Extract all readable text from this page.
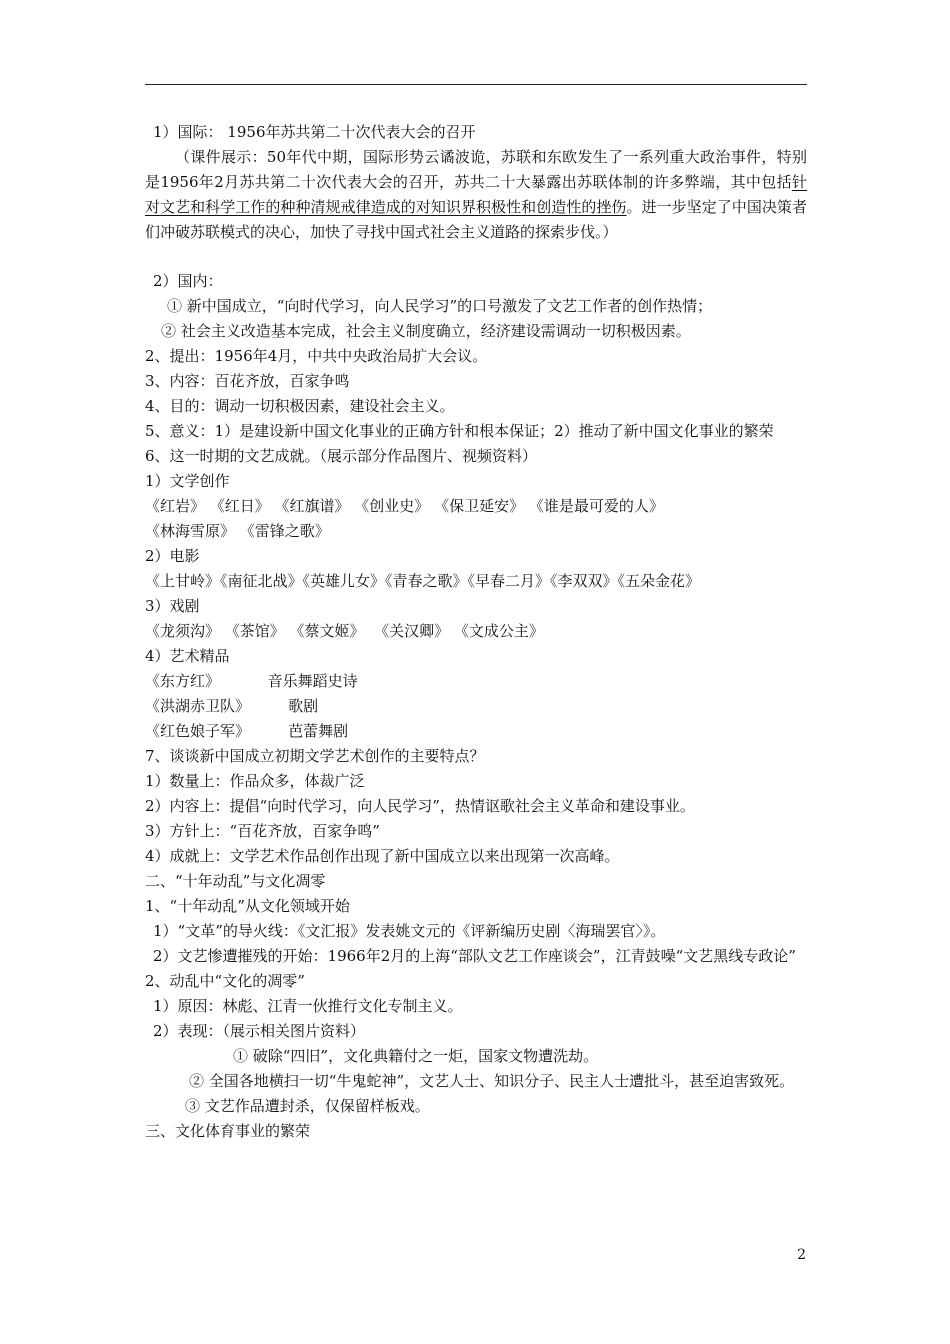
1）国际： 1956年苏共第二十次代表大会的召开
（课件展示：50年代中期，国际形势云谲波诡，苏联和东欧发生了一系列重大政治事件，特别是1956年2月苏共第二十次代表大会的召开，苏共二十大暴露出苏联体制的许多弊端，其中包括针对文艺和科学工作的种种清规戒律造成的对知识界积极性和创造性的挫伤。进一步坚定了中国决策者们冲破苏联模式的决心，加快了寻找中国式社会主义道路的探索步伐。）
2）国内：
① 新中国成立，“向时代学习，向人民学习”的口号激发了文艺工作者的创作热情；
② 社会主义改造基本完成，社会主义制度确立，经济建设需调动一切积极因素。
2、提出：1956年4月，中共中央政治局扩大会议。
3、内容：百花齐放，百家争鸣
4、目的：调动一切积极因素，建设社会主义。
5、意义：1）是建设新中国文化事业的正确方针和根本保证；2）推动了新中国文化事业的繁荣
6、这一时期的文艺成就。（展示部分作品图片、视频资料）
1）文学创作
《红岩》 《红日》 《红旗谱》 《创业史》 《保卫延安》 《谁是最可爱的人》
《林海雪原》 《雷锋之歌》
2）电影
《上甘岭》《南征北战》《英雄儿女》《青春之歌》《早春二月》《李双双》《五朵金花》
3）戏剧
《龙须沟》 《茶馆》 《蔡文姬》  《关汉卿》 《文成公主》
4）艺术精品
《东方红》          音乐舞蹈史诗
《洪湖赤卫队》        歌剧
《红色娘子军》        芭蕾舞剧
7、谈谈新中国成立初期文学艺术创作的主要特点？
1）数量上：作品众多，体裁广泛
2）内容上：提倡“向时代学习，向人民学习”，热情讴歌社会主义革命和建设事业。
3）方针上：“百花齐放，百家争鸣”
4）成就上：文学艺术作品创作出现了新中国成立以来出现第一次高峰。
二、“十年动乱”与文化凋零
1、“十年动乱”从文化领域开始
1）“文革”的导火线：《文汇报》发表姚文元的《评新编历史剧〈海瑞罢官〉》。
2）文艺惨遭摧残的开始：1966年2月的上海“部队文艺工作座谈会”，江青鼓噪“文艺黑线专政论”
2、动乱中“文化的凋零”
1）原因：林彪、江青一伙推行文化专制主义。
2）表现：（展示相关图片资料）
① 破除“四旧”，文化典籍付之一炬，国家文物遭洗劫。
② 全国各地横扫一切“牛鬼蛇神”，文艺人士、知识分子、民主人士遭批斗，甚至迫害致死。
③ 文艺作品遭封杀，仅保留样板戏。
三、文化体育事业的繁荣
2
